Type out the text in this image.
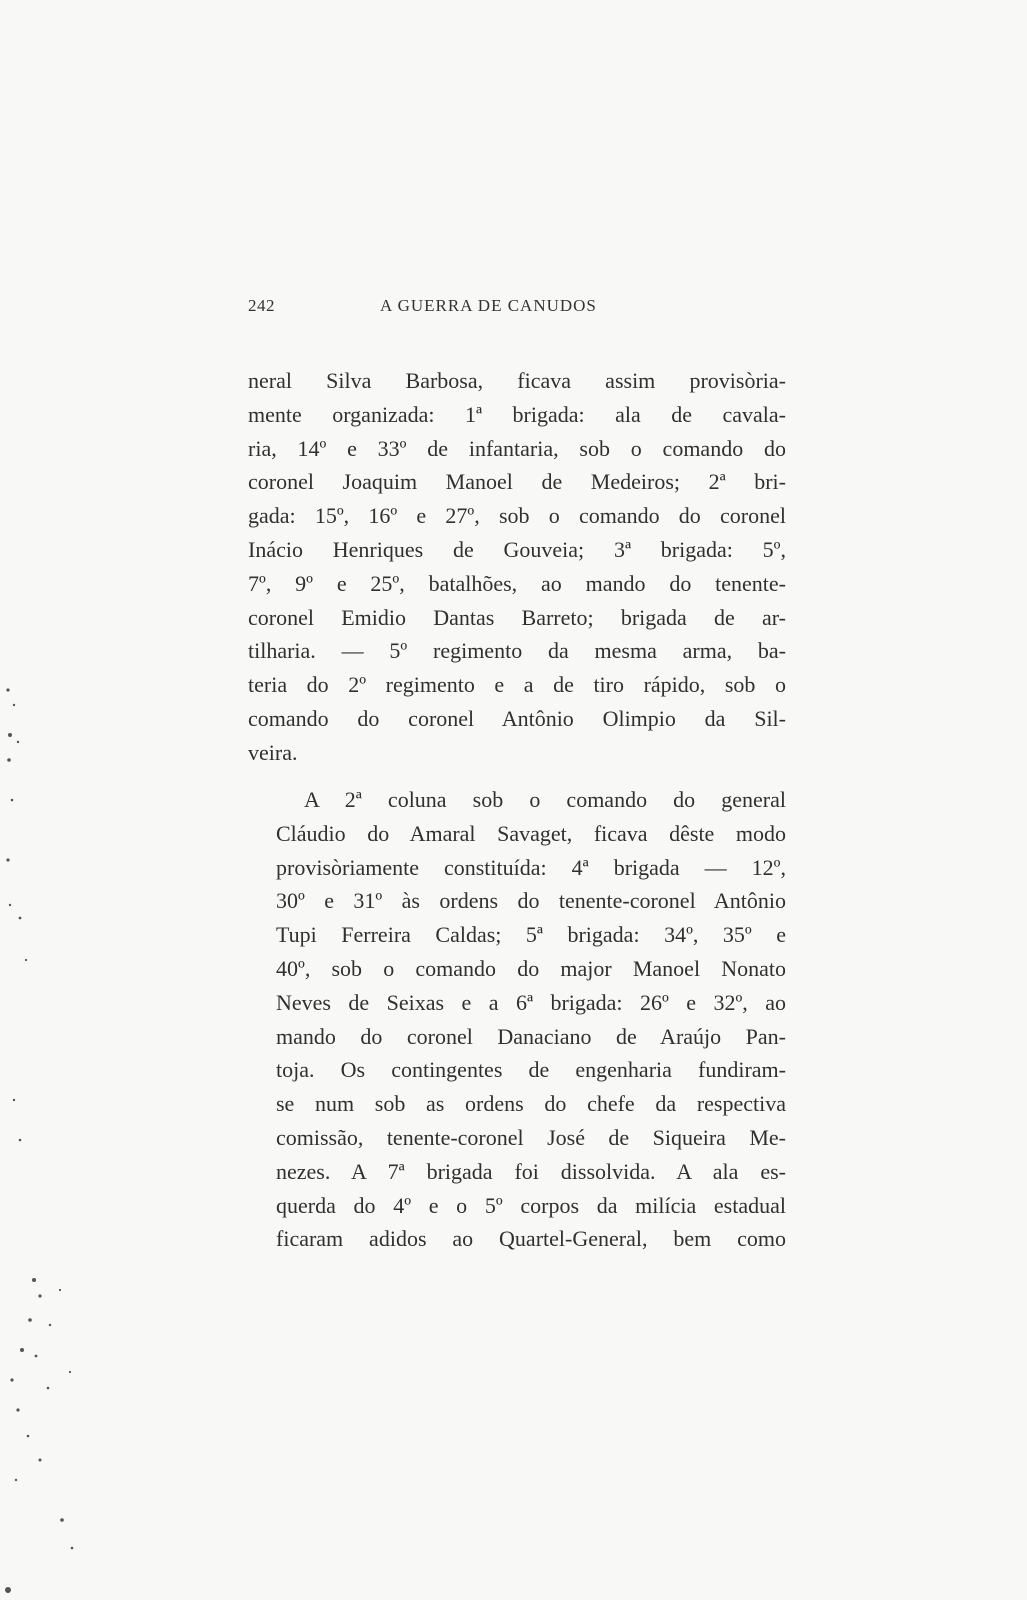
242	A GUERRA DE CANUDOS
neral Silva Barbosa, ficava assim provisòria-
mente organizada: 1ª brigada: ala de cavala-
ria, 14º e 33º de infantaria, sob o comando do
coronel Joaquim Manoel de Medeiros; 2ª bri-
gada: 15º, 16º e 27º, sob o comando do coronel
Inácio Henriques de Gouveia; 3ª brigada: 5º,
7º, 9º e 25º, batalhões, ao mando do tenente-
coronel Emidio Dantas Barreto; brigada de ar-
tilharia. — 5º regimento da mesma arma, ba-
teria do 2º regimento e a de tiro rápido, sob o
comando do coronel Antônio Olimpio da Sil-
veira.
A 2ª coluna sob o comando do general
Cláudio do Amaral Savaget, ficava dêste modo
provisòriamente constituída: 4ª brigada — 12º,
30º e 31º às ordens do tenente-coronel Antônio
Tupi Ferreira Caldas; 5ª brigada: 34º, 35º e
40º, sob o comando do major Manoel Nonato
Neves de Seixas e a 6ª brigada: 26º e 32º, ao
mando do coronel Danaciano de Araújo Pan-
toja. Os contingentes de engenharia fundiram-
se num sob as ordens do chefe da respectiva
comissão, tenente-coronel José de Siqueira Me-
nezes. A 7ª brigada foi dissolvida. A ala es-
querda do 4º e o 5º corpos da milícia estadual
ficaram adidos ao Quartel-General, bem como
